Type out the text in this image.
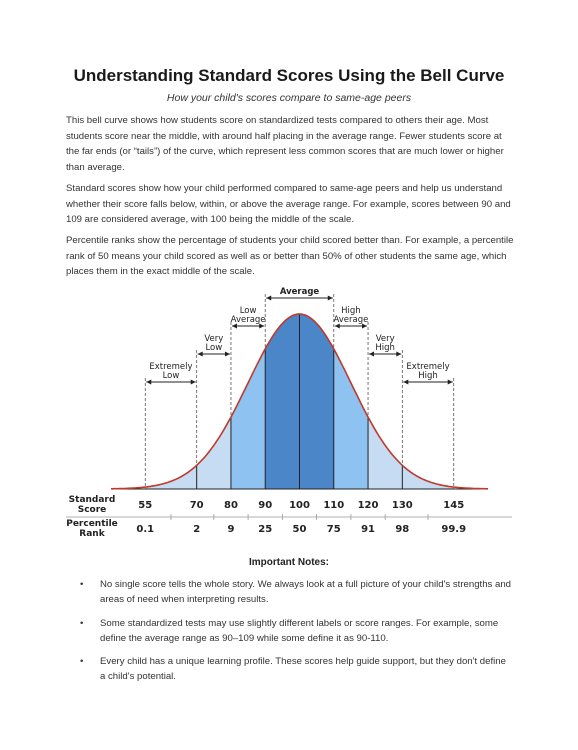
Understanding Standard Scores Using the Bell Curve
How your child's scores compare to same-age peers

This bell curve shows how students score on standardized tests compared to others their age. Most students score near the middle, with around half placing in the average range. Fewer students score at the far ends (or “tails”) of the curve, which represent less common scores that are much lower or higher than average.

Standard scores show how your child performed compared to same-age peers and help us understand whether their score falls below, within, or above the average range. For example, scores between 90 and 109 are considered average, with 100 being the middle of the scale.

Percentile ranks show the percentage of students your child scored better than. For example, a percentile rank of 50 means your child scored as well as or better than 50% of other students the same age, which places them in the exact middle of the scale.

Extremely
Low
Very
Low
Low
Average
Average
High
Average
Very
High
Extremely
High
Standard
Score
Percentile
Rank
55
0.1
70
2
80
9
90
25
100
50
110
75
120
91
130
98
145
99.9
Important Notes:
• No single score tells the whole story. We always look at a full picture of your child's strengths and areas of need when interpreting results.
• Some standardized tests may use slightly different labels or score ranges. For example, some define the average range as 90–109 while some define it as 90-110.
• Every child has a unique learning profile. These scores help guide support, but they don't define a child's potential.
